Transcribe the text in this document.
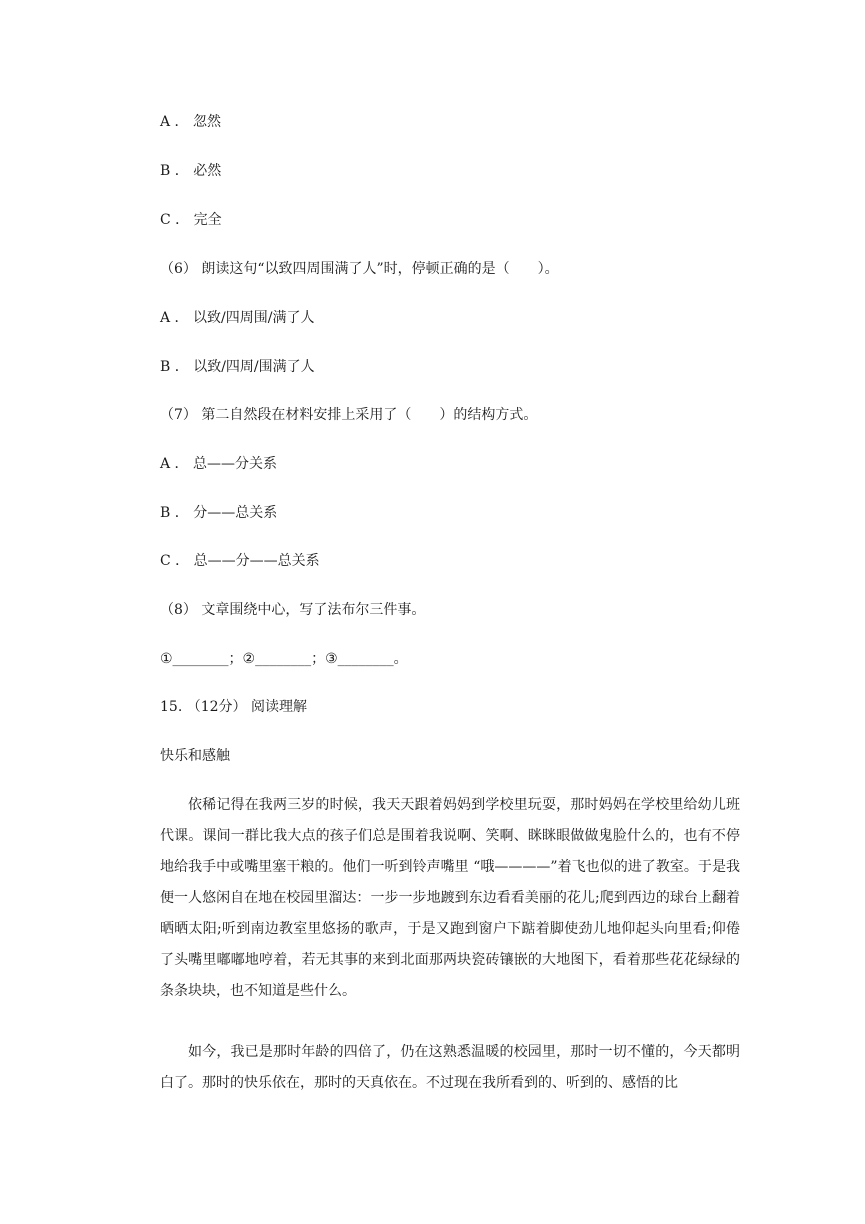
A ． 忽然
B ． 必然
C ． 完全
（6） 朗读这句“以致四周围满了人”时，停顿正确的是（　　）。
A ． 以致/四周围/满了人
B ． 以致/四周/围满了人
（7） 第二自然段在材料安排上采用了（　　）的结构方式。
A ． 总——分关系
B ． 分——总关系
C ． 总——分——总关系
（8） 文章围绕中心，写了法布尔三件事。
①________；②________；③________。
15. （12分） 阅读理解
快乐和感触
依稀记得在我两三岁的时候，我天天跟着妈妈到学校里玩耍，那时妈妈在学校里给幼儿班代课。课间一群比我大点的孩子们总是围着我说啊、笑啊、眯眯眼做做鬼脸什么的，也有不停地给我手中或嘴里塞干粮的。他们一听到铃声嘴里 “哦————”着飞也似的进了教室。于是我便一人悠闲自在地在校园里溜达：一步一步地踱到东边看看美丽的花儿;爬到西边的球台上翻着晒晒太阳;听到南边教室里悠扬的歌声，于是又跑到窗户下踮着脚使劲儿地仰起头向里看;仰倦了头嘴里嘟嘟地哼着，若无其事的来到北面那两块瓷砖镶嵌的大地图下，看着那些花花绿绿的条条块块，也不知道是些什么。
如今，我已是那时年龄的四倍了，仍在这熟悉温暖的校园里，那时一切不懂的，今天都明白了。那时的快乐依在，那时的天真依在。不过现在我所看到的、听到的、感悟的比
